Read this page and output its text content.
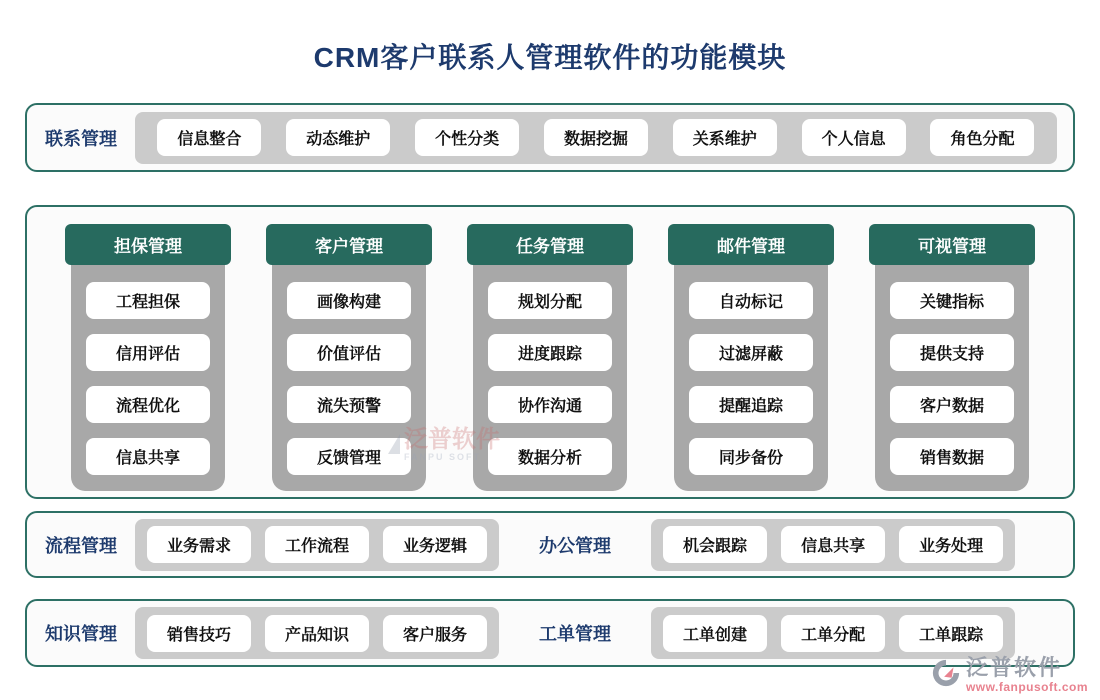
CRM客户联系人管理软件的功能模块
联系管理	信息整合	动态维护	个性分类	数据挖掘	关系维护	个人信息	角色分配
担保管理
工程担保
信用评估
流程优化
信息共享
客户管理
画像构建
价值评估
流失预警
反馈管理
任务管理
规划分配
进度跟踪
协作沟通
数据分析
邮件管理
自动标记
过滤屏蔽
提醒追踪
同步备份
可视管理
关键指标
提供支持
客户数据
销售数据
泛普软件
FANPU SOFT
流程管理	业务需求	工作流程	业务逻辑	办公管理	机会跟踪	信息共享	业务处理
知识管理	销售技巧	产品知识	客户服务	工单管理	工单创建	工单分配	工单跟踪
泛普软件
www.fanpusoft.com
